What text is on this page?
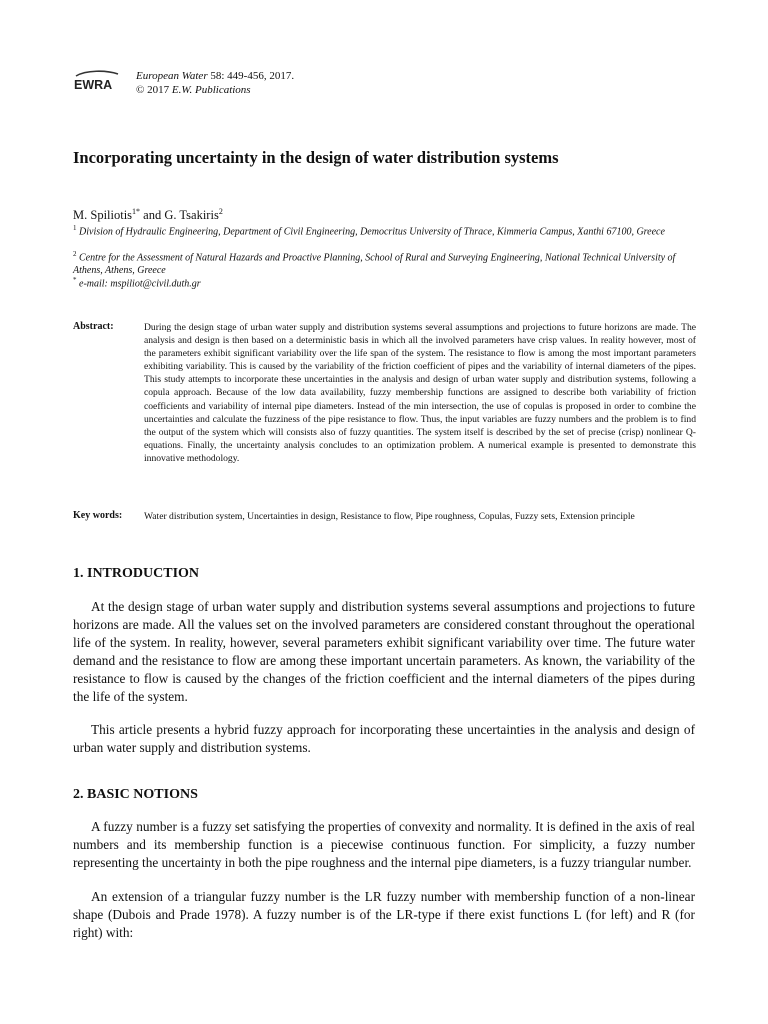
EWRA
European Water 58: 449-456, 2017.
© 2017 E.W. Publications
Incorporating uncertainty in the design of water distribution systems
M. Spiliotis$^{1*}$ and G. Tsakiris$^2$
$^1$ Division of Hydraulic Engineering, Department of Civil Engineering, Democritus University of Thrace, Kimmeria Campus, Xanthi 67100, Greece
$^2$ Centre for the Assessment of Natural Hazards and Proactive Planning, School of Rural and Surveying Engineering, National Technical University of Athens, Athens, Greece
* e-mail: mspiliot@civil.duth.gr
Abstract:	During the design stage of urban water supply and distribution systems several assumptions and projections to future horizons are made. The analysis and design is then based on a deterministic basis in which all the involved parameters have crisp values. In reality however, most of the parameters exhibit significant variability over the life span of the system. The resistance to flow is among the most important parameters exhibiting variability. This is caused by the variability of the friction coefficient of pipes and the variability of internal diameters of the pipes. This study attempts to incorporate these uncertainties in the analysis and design of urban water supply and distribution systems, following a copula approach. Because of the low data availability, fuzzy membership functions are assigned to describe both variability of friction coefficients and variability of internal pipe diameters. Instead of the min intersection, the use of copulas is proposed in order to combine the uncertainties and calculate the fuzziness of the pipe resistance to flow. Thus, the input variables are fuzzy numbers and the problem is to find the output of the system which will consists also of fuzzy quantities. The system itself is described by the set of precise (crisp) nonlinear Q-equations. Finally, the uncertainty analysis concludes to an optimization problem. A numerical example is presented to demonstrate this innovative methodology.

Key words: Water distribution system, Uncertainties in design, Resistance to flow, Pipe roughness, Copulas, Fuzzy sets, Extension principle

1. INTRODUCTION

At the design stage of urban water supply and distribution systems several assumptions and projections to future horizons are made. All the values set on the involved parameters are considered constant throughout the operational life of the system. In reality, however, several parameters exhibit significant variability over time. The future water demand and the resistance to flow are among these important uncertain parameters. As known, the variability of the resistance to flow is caused by the changes of the friction coefficient and the internal diameters of the pipes during the life of the system.

This article presents a hybrid fuzzy approach for incorporating these uncertainties in the analysis and design of urban water supply and distribution systems.

2. BASIC NOTIONS

A fuzzy number is a fuzzy set satisfying the properties of convexity and normality. It is defined in the axis of real numbers and its membership function is a piecewise continuous function. For simplicity, a fuzzy number representing the uncertainty in both the pipe roughness and the internal pipe diameters, is a fuzzy triangular number.

An extension of a triangular fuzzy number is the LR fuzzy number with membership function of a non-linear shape (Dubois and Prade 1978). A fuzzy number is of the LR-type if there exist functions L (for left) and R (for right) with:
